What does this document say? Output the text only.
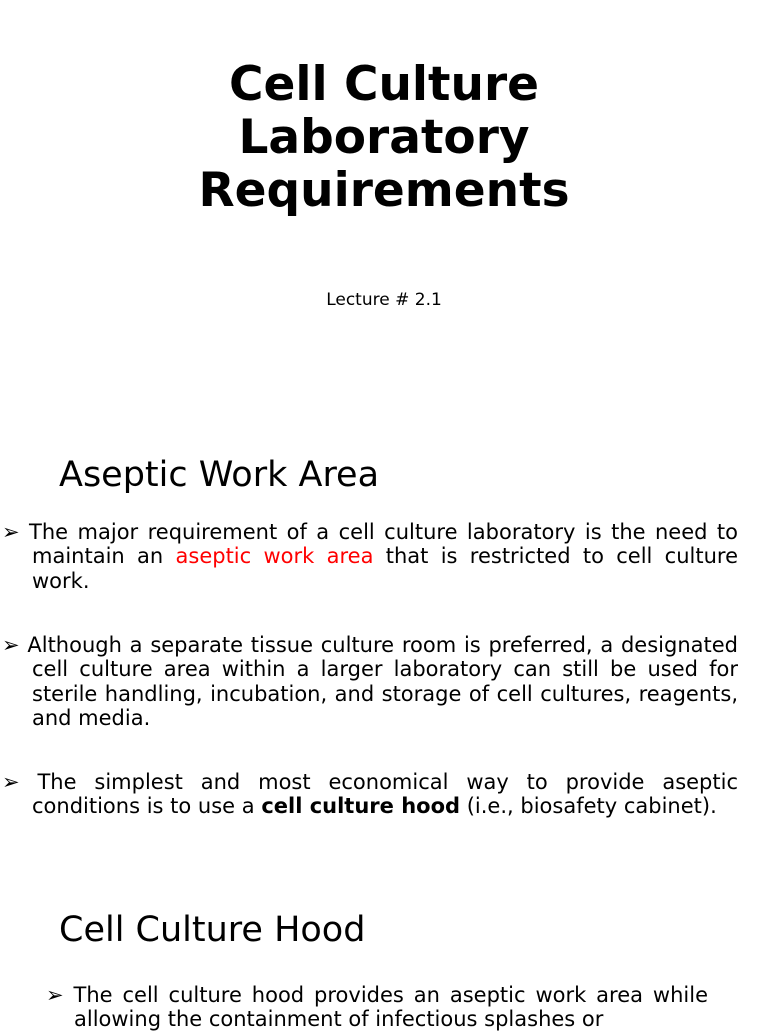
Cell Culture
Laboratory
Requirements
Lecture # 2.1
Aseptic Work Area
➢ The major requirement of a cell culture laboratory is the need to maintain an aseptic work area that is restricted to cell culture work.
➢ Although a separate tissue culture room is preferred, a designated cell culture area within a larger laboratory can still be used for sterile handling, incubation, and storage of cell cultures, reagents, and media.
➢ The simplest and most economical way to provide aseptic conditions is to use a cell culture hood (i.e., biosafety cabinet).
Cell Culture Hood
➢ The cell culture hood provides an aseptic work area while allowing the containment of infectious splashes or
